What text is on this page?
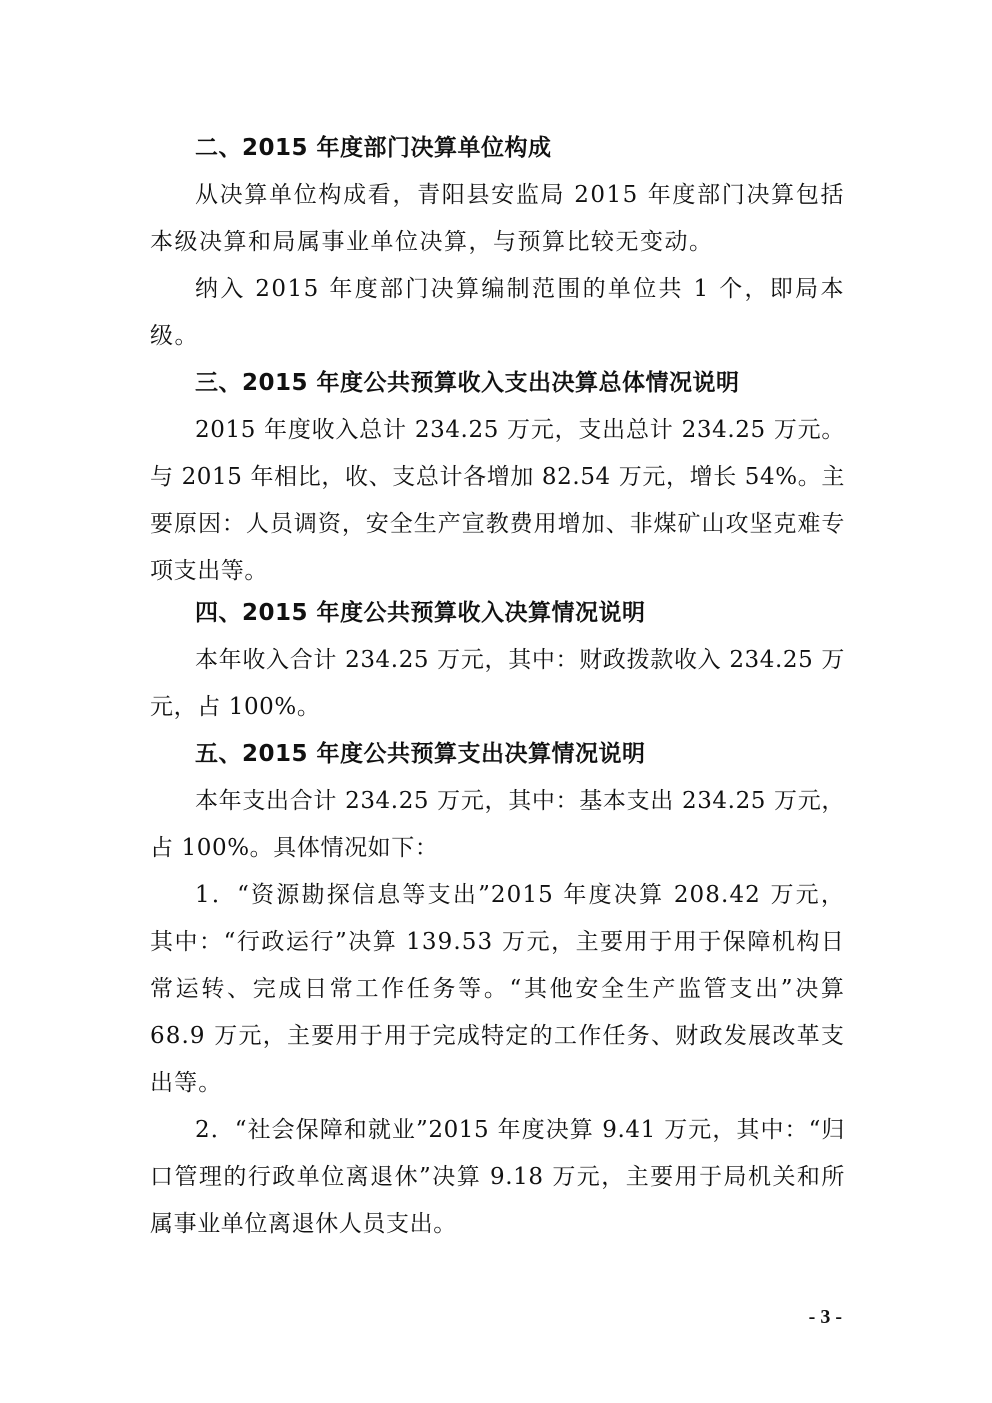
二、2015 年度部门决算单位构成

从决算单位构成看，青阳县安监局 2015 年度部门决算包括本级决算和局属事业单位决算，与预算比较无变动。

纳入 2015 年度部门决算编制范围的单位共 1 个，即局本级。

三、2015 年度公共预算收入支出决算总体情况说明

2015 年度收入总计 234.25 万元，支出总计 234.25 万元。与 2015 年相比，收、支总计各增加 82.54 万元，增长 54%。主要原因：人员调资，安全生产宣教费用增加、非煤矿山攻坚克难专项支出等。

四、2015 年度公共预算收入决算情况说明

本年收入合计 234.25 万元，其中：财政拨款收入 234.25 万元，占 100%。

五、2015 年度公共预算支出决算情况说明

本年支出合计 234.25 万元，其中：基本支出 234.25 万元，占 100%。具体情况如下：

1．“资源勘探信息等支出”2015 年度决算 208.42 万元，其中：“行政运行”决算 139.53 万元，主要用于用于保障机构日常运转、完成日常工作任务等。“其他安全生产监管支出”决算 68.9 万元，主要用于用于完成特定的工作任务、财政发展改革支出等。

2．“社会保障和就业”2015 年度决算 9.41 万元，其中：“归口管理的行政单位离退休”决算 9.18 万元，主要用于局机关和所属事业单位离退休人员支出。

- 3 -
